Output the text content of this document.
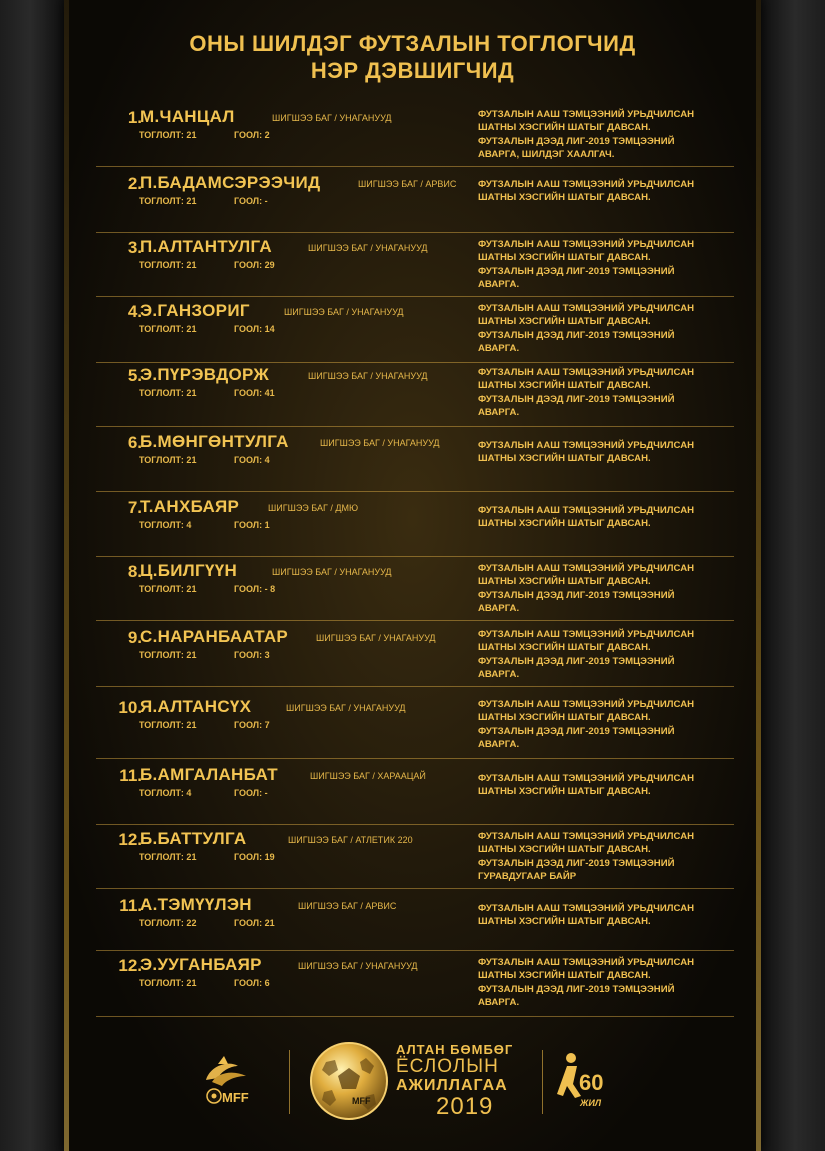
ОНЫ ШИЛДЭГ ФУТЗАЛЫН ТОГЛОГЧИД
НЭР ДЭВШИГЧИД
1.
М.ЧАНЦАЛ	ШИГШЭЭ БАГ / УНАГАНУУД
ТОГЛОЛТ: 21	ГООЛ: 2
ФУТЗАЛЫН ААШ ТЭМЦЭЭНИЙ УРЬДЧИЛСАН
ШАТНЫ ХЭСГИЙН ШАТЫГ ДАВСАН.
ФУТЗАЛЫН ДЭЭД ЛИГ-2019 ТЭМЦЭЭНИЙ
АВАРГА, ШИЛДЭГ ХААЛГАЧ.
2.
П.БАДАМСЭРЭЭЧИД	ШИГШЭЭ БАГ / АРВИС
ТОГЛОЛТ: 21	ГООЛ: -
ФУТЗАЛЫН ААШ ТЭМЦЭЭНИЙ УРЬДЧИЛСАН
ШАТНЫ ХЭСГИЙН ШАТЫГ ДАВСАН.
3.
П.АЛТАНТУЛГА	ШИГШЭЭ БАГ / УНАГАНУУД
ТОГЛОЛТ: 21	ГООЛ: 29
ФУТЗАЛЫН ААШ ТЭМЦЭЭНИЙ УРЬДЧИЛСАН
ШАТНЫ ХЭСГИЙН ШАТЫГ ДАВСАН.
ФУТЗАЛЫН ДЭЭД ЛИГ-2019 ТЭМЦЭЭНИЙ
АВАРГА.
4.
Э.ГАНЗОРИГ	ШИГШЭЭ БАГ / УНАГАНУУД
ТОГЛОЛТ: 21	ГООЛ: 14
ФУТЗАЛЫН ААШ ТЭМЦЭЭНИЙ УРЬДЧИЛСАН
ШАТНЫ ХЭСГИЙН ШАТЫГ ДАВСАН.
ФУТЗАЛЫН ДЭЭД ЛИГ-2019 ТЭМЦЭЭНИЙ
АВАРГА.
5.
Э.ПҮРЭВДОРЖ	ШИГШЭЭ БАГ / УНАГАНУУД
ТОГЛОЛТ: 21	ГООЛ: 41
ФУТЗАЛЫН ААШ ТЭМЦЭЭНИЙ УРЬДЧИЛСАН
ШАТНЫ ХЭСГИЙН ШАТЫГ ДАВСАН.
ФУТЗАЛЫН ДЭЭД ЛИГ-2019 ТЭМЦЭЭНИЙ
АВАРГА.
6.
Б.МӨНГӨНТУЛГА	ШИГШЭЭ БАГ / УНАГАНУУД
ТОГЛОЛТ: 21	ГООЛ: 4
ФУТЗАЛЫН ААШ ТЭМЦЭЭНИЙ УРЬДЧИЛСАН
ШАТНЫ ХЭСГИЙН ШАТЫГ ДАВСАН.
7.
Т.АНХБАЯР	ШИГШЭЭ БАГ / ДМЮ
ТОГЛОЛТ: 4	ГООЛ: 1
ФУТЗАЛЫН ААШ ТЭМЦЭЭНИЙ УРЬДЧИЛСАН
ШАТНЫ ХЭСГИЙН ШАТЫГ ДАВСАН.
8.
Ц.БИЛГҮҮН	ШИГШЭЭ БАГ / УНАГАНУУД
ТОГЛОЛТ: 21	ГООЛ: - 8
ФУТЗАЛЫН ААШ ТЭМЦЭЭНИЙ УРЬДЧИЛСАН
ШАТНЫ ХЭСГИЙН ШАТЫГ ДАВСАН.
ФУТЗАЛЫН ДЭЭД ЛИГ-2019 ТЭМЦЭЭНИЙ
АВАРГА.
9.
С.НАРАНБААТАР	ШИГШЭЭ БАГ / УНАГАНУУД
ТОГЛОЛТ: 21	ГООЛ: 3
ФУТЗАЛЫН ААШ ТЭМЦЭЭНИЙ УРЬДЧИЛСАН
ШАТНЫ ХЭСГИЙН ШАТЫГ ДАВСАН.
ФУТЗАЛЫН ДЭЭД ЛИГ-2019 ТЭМЦЭЭНИЙ
АВАРГА.
10.
Я.АЛТАНСҮХ	ШИГШЭЭ БАГ / УНАГАНУУД
ТОГЛОЛТ: 21	ГООЛ: 7
ФУТЗАЛЫН ААШ ТЭМЦЭЭНИЙ УРЬДЧИЛСАН
ШАТНЫ ХЭСГИЙН ШАТЫГ ДАВСАН.
ФУТЗАЛЫН ДЭЭД ЛИГ-2019 ТЭМЦЭЭНИЙ
АВАРГА.
11.
Б.АМГАЛАНБАТ	ШИГШЭЭ БАГ / ХАРААЦАЙ
ТОГЛОЛТ: 4	ГООЛ: -
ФУТЗАЛЫН ААШ ТЭМЦЭЭНИЙ УРЬДЧИЛСАН
ШАТНЫ ХЭСГИЙН ШАТЫГ ДАВСАН.
12.
Б.БАТТУЛГА	ШИГШЭЭ БАГ / АТЛЕТИК 220
ТОГЛОЛТ: 21	ГООЛ: 19
ФУТЗАЛЫН ААШ ТЭМЦЭЭНИЙ УРЬДЧИЛСАН
ШАТНЫ ХЭСГИЙН ШАТЫГ ДАВСАН.
ФУТЗАЛЫН ДЭЭД ЛИГ-2019 ТЭМЦЭЭНИЙ
ГУРАВДУГААР БАЙР
11.
А.ТЭМҮҮЛЭН	ШИГШЭЭ БАГ / АРВИС
ТОГЛОЛТ: 22	ГООЛ: 21
ФУТЗАЛЫН ААШ ТЭМЦЭЭНИЙ УРЬДЧИЛСАН
ШАТНЫ ХЭСГИЙН ШАТЫГ ДАВСАН.
12.
Э.УУГАНБАЯР	ШИГШЭЭ БАГ / УНАГАНУУД
ТОГЛОЛТ: 21	ГООЛ: 6
ФУТЗАЛЫН ААШ ТЭМЦЭЭНИЙ УРЬДЧИЛСАН
ШАТНЫ ХЭСГИЙН ШАТЫГ ДАВСАН.
ФУТЗАЛЫН ДЭЭД ЛИГ-2019 ТЭМЦЭЭНИЙ
АВАРГА.
MFF	MFF
АЛТАН БӨМБӨГ
ЁСЛОЛЫН
АЖИЛЛАГАА
2019
60
ЖИЛ
